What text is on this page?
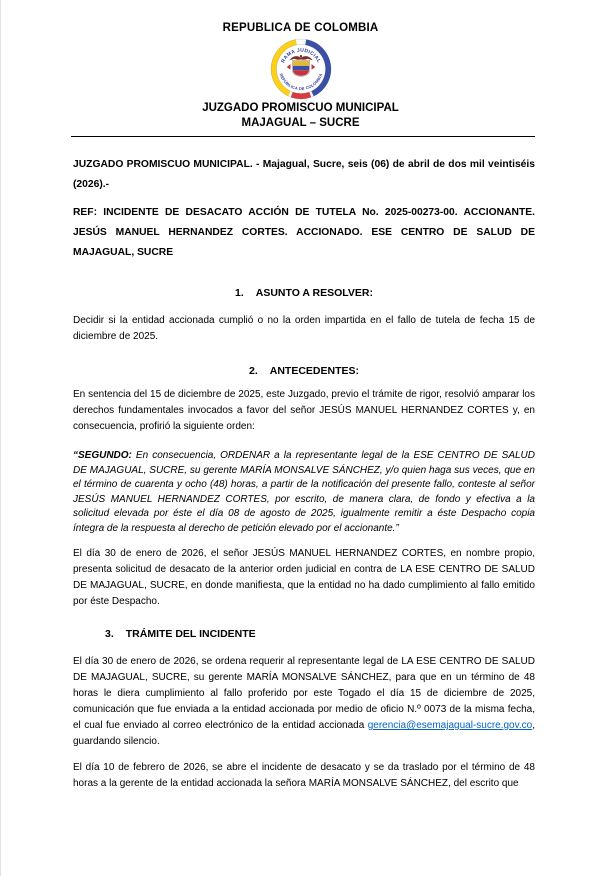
REPUBLICA DE COLOMBIA
RAMA JUDICIAL
REPÚBLICA DE COLOMBIA
JUZGADO PROMISCUO MUNICIPAL
MAJAGUAL – SUCRE

JUZGADO PROMISCUO MUNICIPAL. - Majagual, Sucre, seis (06) de abril de dos mil veintiséis (2026).-

REF: INCIDENTE DE DESACATO ACCIÓN DE TUTELA No. 2025-00273-00. ACCIONANTE. JESÚS MANUEL HERNANDEZ CORTES. ACCIONADO. ESE CENTRO DE SALUD DE MAJAGUAL, SUCRE

1. ASUNTO A RESOLVER:

Decidir si la entidad accionada cumplió o no la orden impartida en el fallo de tutela de fecha 15 de diciembre de 2025.

2. ANTECEDENTES:

En sentencia del 15 de diciembre de 2025, este Juzgado, previo el trámite de rigor, resolvió amparar los derechos fundamentales invocados a favor del señor JESÚS MANUEL HERNANDEZ CORTES y, en consecuencia, profirió la siguiente orden:

“SEGUNDO: En consecuencia, ORDENAR a la representante legal de la ESE CENTRO DE SALUD DE MAJAGUAL, SUCRE, su gerente MARÍA MONSALVE SÁNCHEZ, y/o quien haga sus veces, que en el término de cuarenta y ocho (48) horas, a partir de la notificación del presente fallo, conteste al señor JESÚS MANUEL HERNANDEZ CORTES, por escrito, de manera clara, de fondo y efectiva a la solicitud elevada por éste el día 08 de agosto de 2025, igualmente remitir a éste Despacho copia íntegra de la respuesta al derecho de petición elevado por el accionante.”

El día 30 de enero de 2026, el señor JESÚS MANUEL HERNANDEZ CORTES, en nombre propio, presenta solicitud de desacato de la anterior orden judicial en contra de LA ESE CENTRO DE SALUD DE MAJAGUAL, SUCRE, en donde manifiesta, que la entidad no ha dado cumplimiento al fallo emitido por éste Despacho.

3. TRÁMITE DEL INCIDENTE

El día 30 de enero de 2026, se ordena requerir al representante legal de LA ESE CENTRO DE SALUD DE MAJAGUAL, SUCRE, su gerente MARÍA MONSALVE SÁNCHEZ, para que en un término de 48 horas le diera cumplimiento al fallo proferido por este Togado el día 15 de diciembre de 2025, comunicación que fue enviada a la entidad accionada por medio de oficio N.º 0073 de la misma fecha, el cual fue enviado al correo electrónico de la entidad accionada gerencia@esemajagual-sucre.gov.co, guardando silencio.

El día 10 de febrero de 2026, se abre el incidente de desacato y se da traslado por el término de 48 horas a la gerente de la entidad accionada la señora MARÍA MONSALVE SÁNCHEZ, del escrito que
